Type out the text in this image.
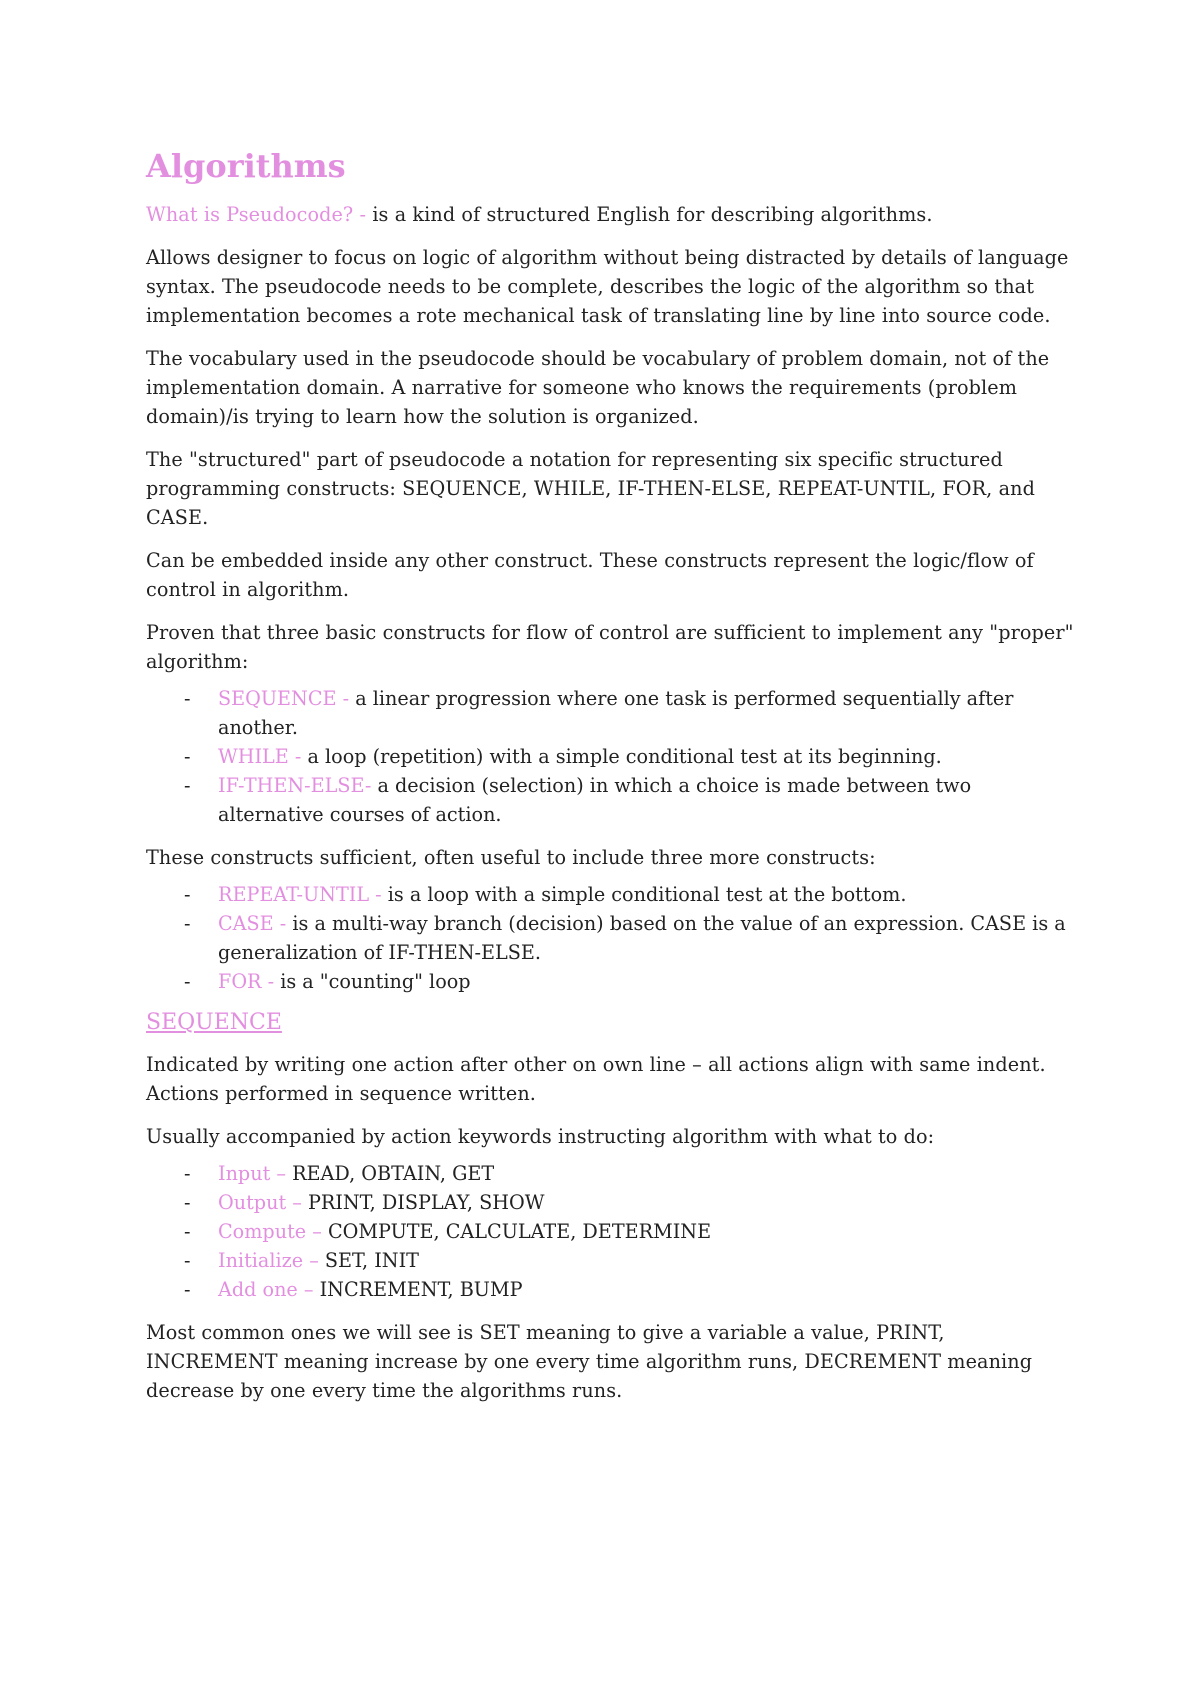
Algorithms

What is Pseudocode? - is a kind of structured English for describing algorithms.

Allows designer to focus on logic of algorithm without being distracted by details of language syntax. The pseudocode needs to be complete, describes the logic of the algorithm so that implementation becomes a rote mechanical task of translating line by line into source code.

The vocabulary used in the pseudocode should be vocabulary of problem domain, not of the implementation domain. A narrative for someone who knows the requirements (problem domain)/is trying to learn how the solution is organized.

The "structured" part of pseudocode a notation for representing six specific structured programming constructs: SEQUENCE, WHILE, IF-THEN-ELSE, REPEAT-UNTIL, FOR, and CASE.

Can be embedded inside any other construct. These constructs represent the logic/flow of control in algorithm.

Proven that three basic constructs for flow of control are sufficient to implement any "proper" algorithm:

- SEQUENCE - a linear progression where one task is performed sequentially after another.
- WHILE - a loop (repetition) with a simple conditional test at its beginning.
- IF-THEN-ELSE- a decision (selection) in which a choice is made between two alternative courses of action.

These constructs sufficient, often useful to include three more constructs:

- REPEAT-UNTIL - is a loop with a simple conditional test at the bottom.
- CASE - is a multi-way branch (decision) based on the value of an expression. CASE is a generalization of IF-THEN-ELSE.
- FOR - is a "counting" loop
SEQUENCE

Indicated by writing one action after other on own line – all actions align with same indent. Actions performed in sequence written.

Usually accompanied by action keywords instructing algorithm with what to do:

- Input – READ, OBTAIN, GET
- Output – PRINT, DISPLAY, SHOW
- Compute – COMPUTE, CALCULATE, DETERMINE
- Initialize – SET, INIT
- Add one – INCREMENT, BUMP

Most common ones we will see is SET meaning to give a variable a value, PRINT, INCREMENT meaning increase by one every time algorithm runs, DECREMENT meaning decrease by one every time the algorithms runs.
